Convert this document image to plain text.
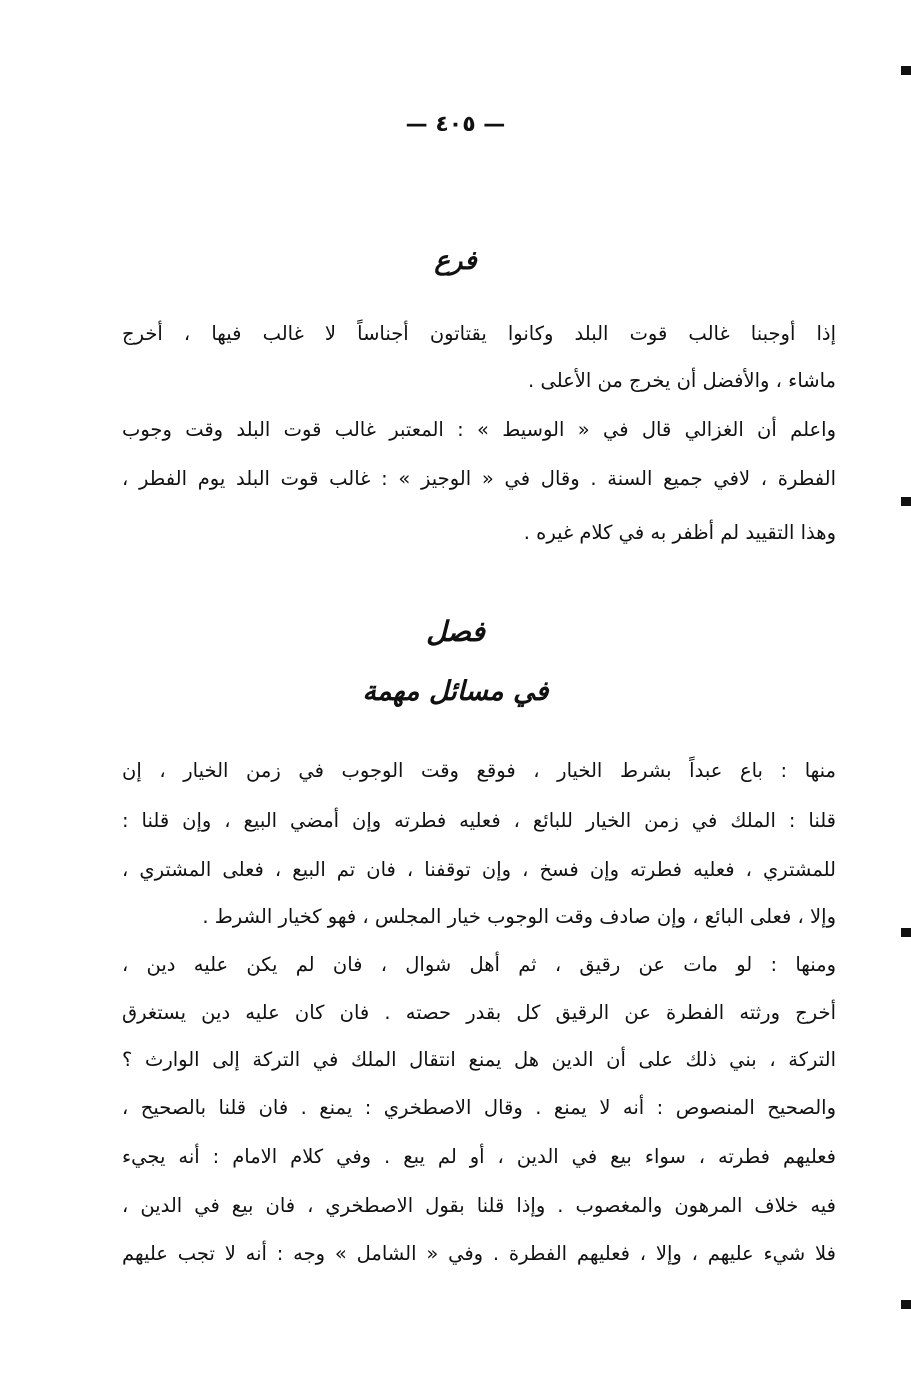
— ٤٠٥ —
فرع
إذا أوجبنا غالب قوت البلد وكانوا يقتاتون أجناساً لا غالب فيها ، أخرج
ماشاء ، والأفضل أن يخرج من الأعلى .
واعلم أن الغزالي قال في « الوسيط » : المعتبر غالب قوت البلد وقت وجوب
الفطرة ، لافي جميع السنة . وقال في « الوجيز » : غالب قوت البلد يوم الفطر ،
وهذا التقييد لم أظفر به في كلام غيره .
فصل
في مسائل مهمة
منها : باع عبداً بشرط الخيار ، فوقع وقت الوجوب في زمن الخيار ، إن
قلنا : الملك في زمن الخيار للبائع ، فعليه فطرته وإن أمضي البيع ، وإن قلنا :
للمشتري ، فعليه فطرته وإن فسخ ، وإن توقفنا ، فان تم البيع ، فعلى المشتري ،
وإلا ، فعلى البائع ، وإن صادف وقت الوجوب خيار المجلس ، فهو كخيار الشرط .
ومنها : لو مات عن رقيق ، ثم أهل شوال ، فان لم يكن عليه دين ،
أخرج ورثته الفطرة عن الرقيق كل بقدر حصته . فان كان عليه دين يستغرق
التركة ، بني ذلك على أن الدين هل يمنع انتقال الملك في التركة إلى الوارث ؟
والصحيح المنصوص : أنه لا يمنع . وقال الاصطخري : يمنع . فان قلنا بالصحيح ،
فعليهم فطرته ، سواء بيع في الدين ، أو لم يبع . وفي كلام الامام : أنه يجيء
فيه خلاف المرهون والمغصوب . وإذا قلنا بقول الاصطخري ، فان بيع في الدين ،
فلا شيء عليهم ، وإلا ، فعليهم الفطرة . وفي « الشامل » وجه : أنه لا تجب عليهم
